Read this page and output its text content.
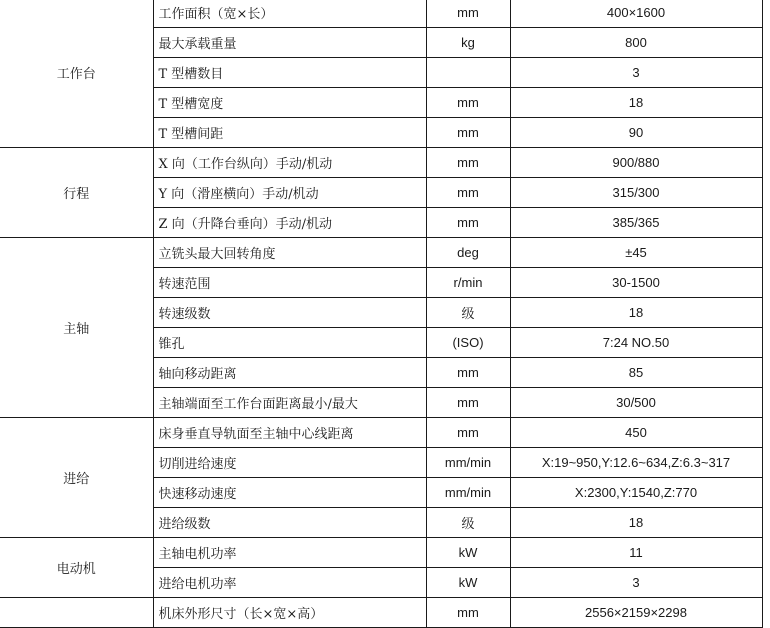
工作台	工作面积（宽×长）	mm	400×1600
	最大承载重量	kg	800
	T 型槽数目		3
	T 型槽宽度	mm	18
	T 型槽间距	mm	90
行程	X 向（工作台纵向）手动/机动	mm	900/880
	Y 向（滑座横向）手动/机动	mm	315/300
	Z 向（升降台垂向）手动/机动	mm	385/365
主轴	立铣头最大回转角度	deg	±45
	转速范围	r/min	30-1500
	转速级数	级	18
	锥孔	(ISO)	7:24 NO.50
	轴向移动距离	mm	85
	主轴端面至工作台面距离最小/最大	mm	30/500
进给	床身垂直导轨面至主轴中心线距离	mm	450
	切削进给速度	mm/min	X:19~950,Y:12.6~634,Z:6.3~317
	快速移动速度	mm/min	X:2300,Y:1540,Z:770
	进给级数	级	18
电动机	主轴电机功率	kW	11
	进给电机功率	kW	3
	机床外形尺寸（长×宽×高）	mm	2556×2159×2298
